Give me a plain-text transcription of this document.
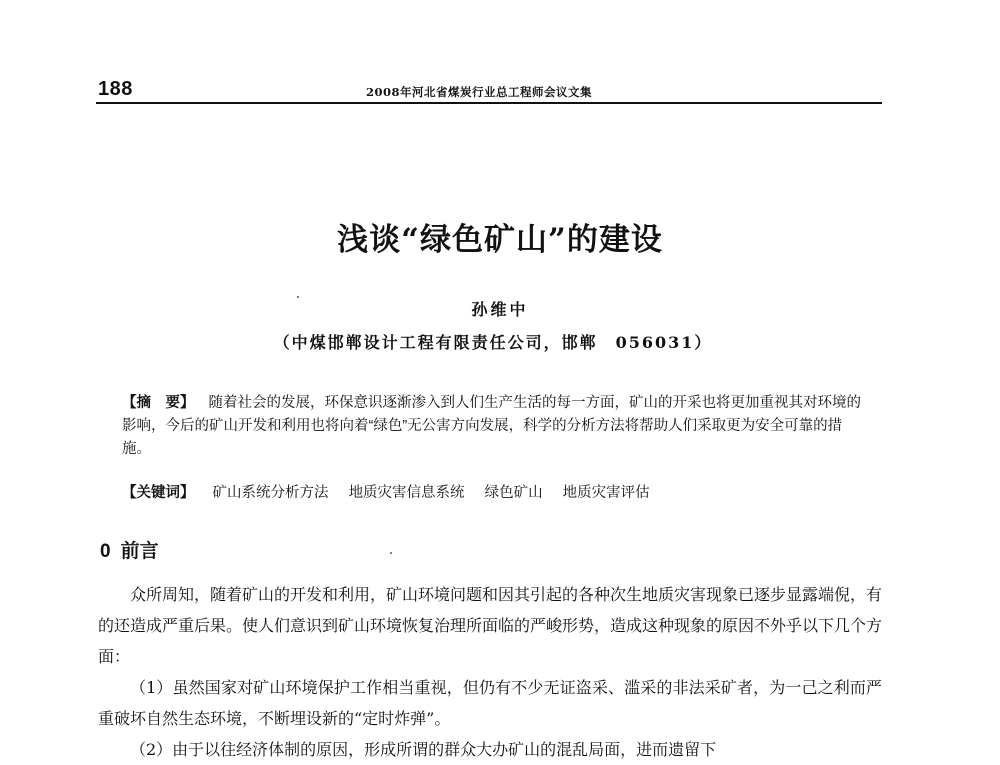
188	2008年河北省煤炭行业总工程师会议文集
浅谈“绿色矿山”的建设
孙维中
（中煤邯郸设计工程有限责任公司，邯郸　056031）
【摘　要】 随着社会的发展，环保意识逐渐渗入到人们生产生活的每一方面，矿山的开采也将更加重视其对环境的影响，今后的矿山开发和利用也将向着“绿色”无公害方向发展，科学的分析方法将帮助人们采取更为安全可靠的措施。
【关键词】 矿山系统分析方法 地质灾害信息系统 绿色矿山 地质灾害评估
0 前言

众所周知，随着矿山的开发和利用，矿山环境问题和因其引起的各种次生地质灾害现象已逐步显露端倪，有的还造成严重后果。使人们意识到矿山环境恢复治理所面临的严峻形势，造成这种现象的原因不外乎以下几个方面：

（1）虽然国家对矿山环境保护工作相当重视，但仍有不少无证盗采、滥采的非法采矿者，为一己之利而严重破坏自然生态环境，不断埋设新的“定时炸弹”。

（2）由于以往经济体制的原因，形成所谓的群众大办矿山的混乱局面，进而遗留下
